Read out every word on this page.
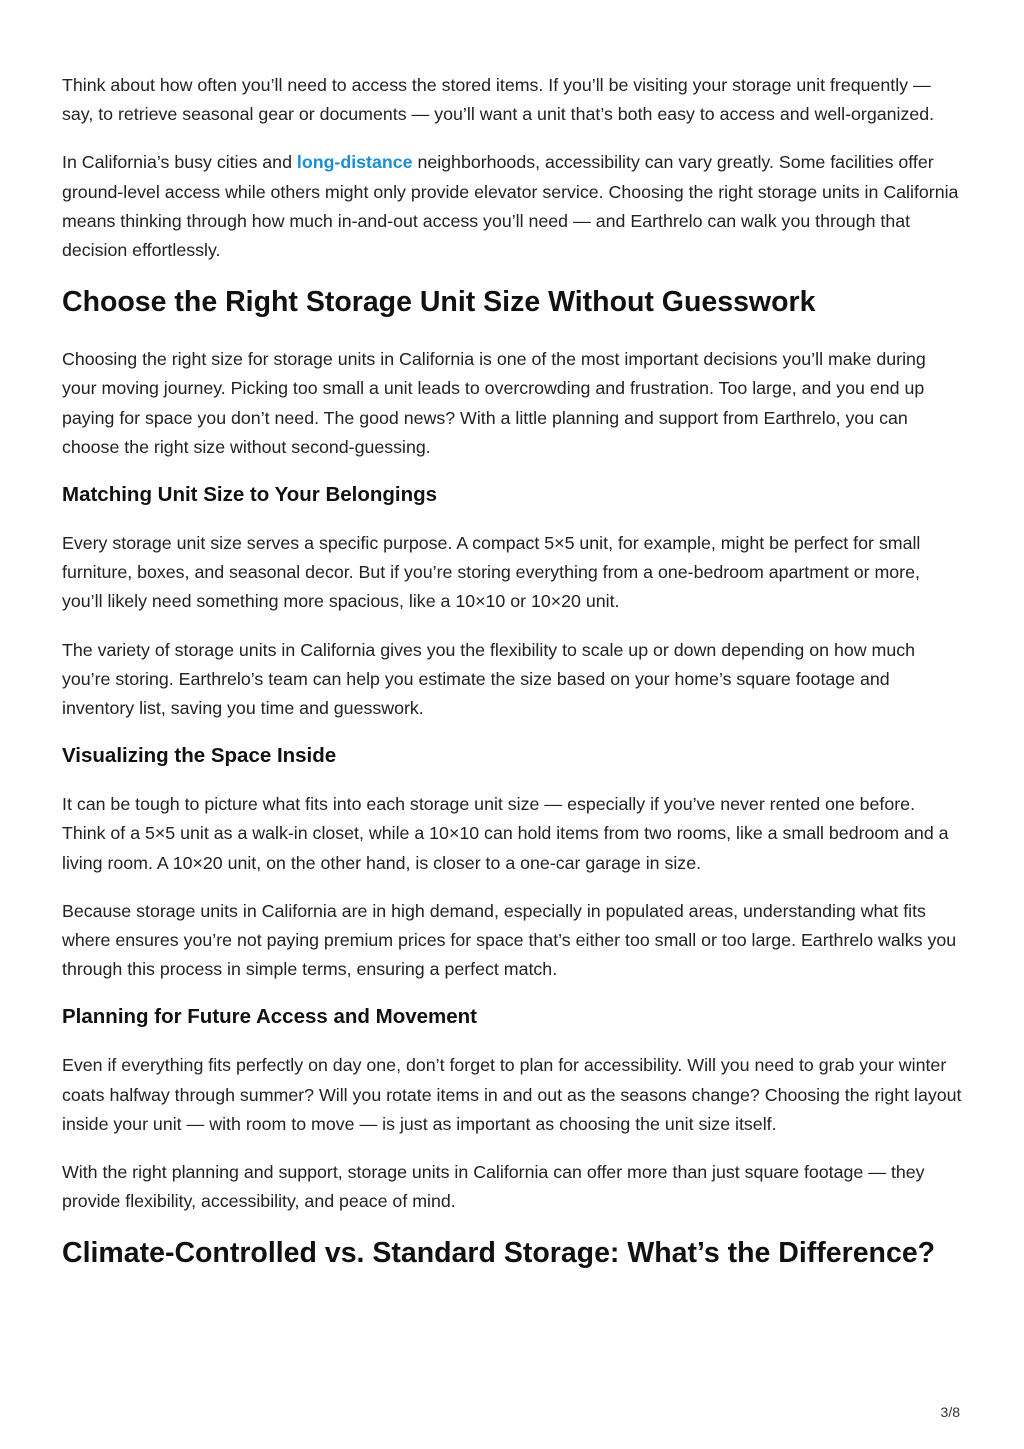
Think about how often you’ll need to access the stored items. If you’ll be visiting your storage unit frequently — say, to retrieve seasonal gear or documents — you’ll want a unit that’s both easy to access and well-organized.

In California’s busy cities and long-distance neighborhoods, accessibility can vary greatly. Some facilities offer ground-level access while others might only provide elevator service. Choosing the right storage units in California means thinking through how much in-and-out access you’ll need — and Earthrelo can walk you through that decision effortlessly.

Choose the Right Storage Unit Size Without Guesswork

Choosing the right size for storage units in California is one of the most important decisions you’ll make during your moving journey. Picking too small a unit leads to overcrowding and frustration. Too large, and you end up paying for space you don’t need. The good news? With a little planning and support from Earthrelo, you can choose the right size without second-guessing.

Matching Unit Size to Your Belongings

Every storage unit size serves a specific purpose. A compact 5×5 unit, for example, might be perfect for small furniture, boxes, and seasonal decor. But if you’re storing everything from a one-bedroom apartment or more, you’ll likely need something more spacious, like a 10×10 or 10×20 unit.

The variety of storage units in California gives you the flexibility to scale up or down depending on how much you’re storing. Earthrelo’s team can help you estimate the size based on your home’s square footage and inventory list, saving you time and guesswork.

Visualizing the Space Inside

It can be tough to picture what fits into each storage unit size — especially if you’ve never rented one before. Think of a 5×5 unit as a walk-in closet, while a 10×10 can hold items from two rooms, like a small bedroom and a living room. A 10×20 unit, on the other hand, is closer to a one-car garage in size.

Because storage units in California are in high demand, especially in populated areas, understanding what fits where ensures you’re not paying premium prices for space that’s either too small or too large. Earthrelo walks you through this process in simple terms, ensuring a perfect match.

Planning for Future Access and Movement

Even if everything fits perfectly on day one, don’t forget to plan for accessibility. Will you need to grab your winter coats halfway through summer? Will you rotate items in and out as the seasons change? Choosing the right layout inside your unit — with room to move — is just as important as choosing the unit size itself.

With the right planning and support, storage units in California can offer more than just square footage — they provide flexibility, accessibility, and peace of mind.

Climate-Controlled vs. Standard Storage: What’s the Difference?
3/8
